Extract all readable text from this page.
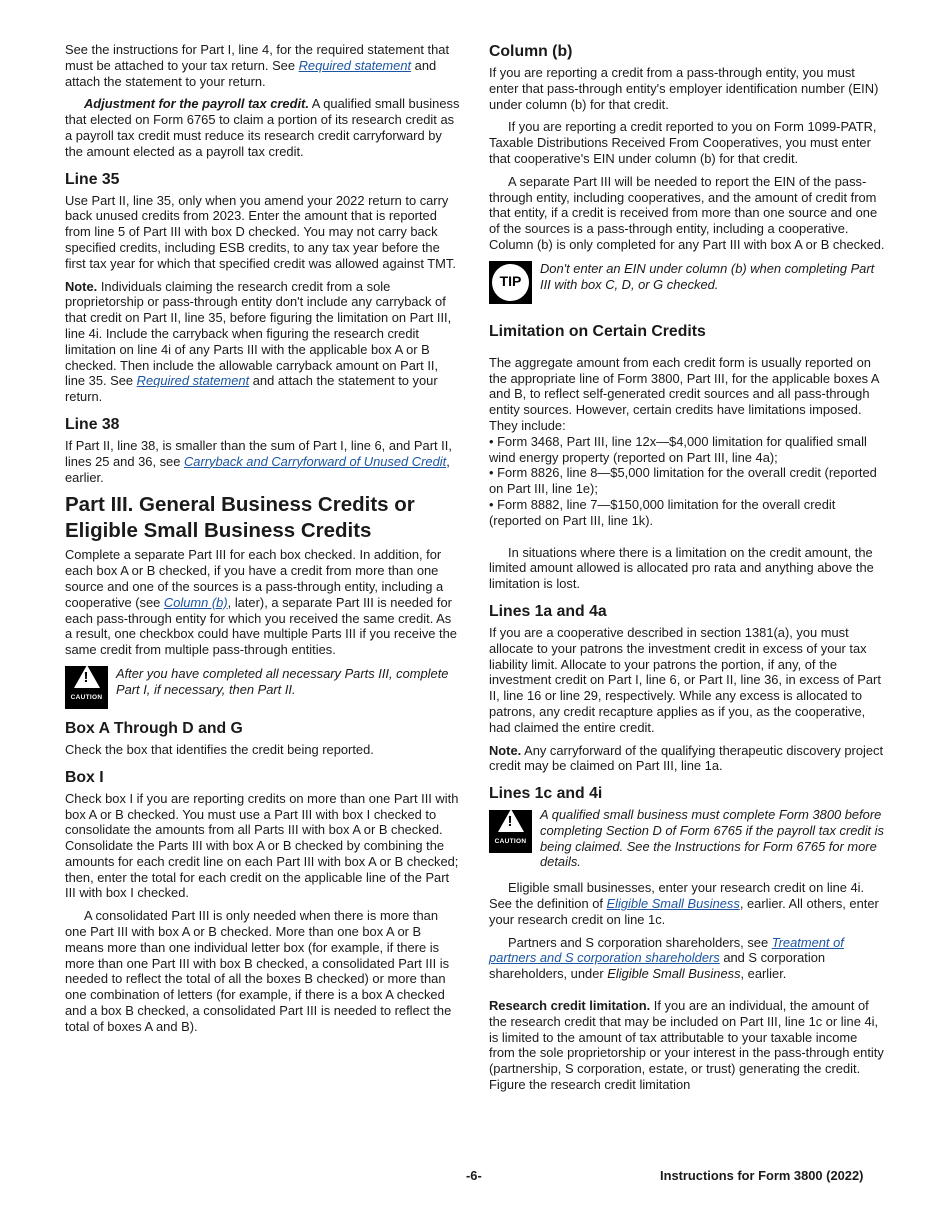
See the instructions for Part I, line 4, for the required statement that must be attached to your tax return. See Required statement and attach the statement to your return.

Adjustment for the payroll tax credit. A qualified small business that elected on Form 6765 to claim a portion of its research credit as a payroll tax credit must reduce its research credit carryforward by the amount elected as a payroll tax credit.

Line 35

Use Part II, line 35, only when you amend your 2022 return to carry back unused credits from 2023. Enter the amount that is reported from line 5 of Part III with box D checked. You may not carry back specified credits, including ESB credits, to any tax year before the first tax year for which that specified credit was allowed against TMT.

Note. Individuals claiming the research credit from a sole proprietorship or pass-through entity don't include any carryback of that credit on Part II, line 35, before figuring the limitation on Part III, line 4i. Include the carryback when figuring the research credit limitation on line 4i of any Parts III with the applicable box A or B checked. Then include the allowable carryback amount on Part II, line 35. See Required statement and attach the statement to your return.

Line 38

If Part II, line 38, is smaller than the sum of Part I, line 6, and Part II, lines 25 and 36, see Carryback and Carryforward of Unused Credit, earlier.

Part III. General Business Credits or Eligible Small Business Credits

Complete a separate Part III for each box checked. In addition, for each box A or B checked, if you have a credit from more than one source and one of the sources is a pass-through entity, including a cooperative (see Column (b), later), a separate Part III is needed for each pass-through entity for which you received the same credit. As a result, one checkbox could have multiple Parts III if you receive the same credit from multiple pass-through entities.

!
CAUTION
After you have completed all necessary Parts III, complete Part I, if necessary, then Part II.
Box A Through D and G

Check the box that identifies the credit being reported.

Box I

Check box I if you are reporting credits on more than one Part III with box A or B checked. You must use a Part III with box I checked to consolidate the amounts from all Parts III with box A or B checked. Consolidate the Parts III with box A or B checked by combining the amounts for each credit line on each Part III with box A or B checked; then, enter the total for each credit on the applicable line of the Part III with box I checked.

A consolidated Part III is only needed when there is more than one Part III with box A or B checked. More than one box A or B means more than one individual letter box (for example, if there is more than one Part III with box B checked, a consolidated Part III is needed to reflect the total of all the boxes B checked) or more than one combination of letters (for example, if there is a box A checked and a box B checked, a consolidated Part III is needed to reflect the total of boxes A and B).

Column (b)

If you are reporting a credit from a pass-through entity, you must enter that pass-through entity's employer identification number (EIN) under column (b) for that credit.

If you are reporting a credit reported to you on Form 1099-PATR, Taxable Distributions Received From Cooperatives, you must enter that cooperative's EIN under column (b) for that credit.

A separate Part III will be needed to report the EIN of the pass-through entity, including cooperatives, and the amount of credit from that entity, if a credit is received from more than one source and one of the sources is a pass-through entity, including a cooperative. Column (b) is only completed for any Part III with box A or B checked.

TIP
Don't enter an EIN under column (b) when completing Part III with box C, D, or G checked.
Limitation on Certain Credits

The aggregate amount from each credit form is usually reported on the appropriate line of Form 3800, Part III, for the applicable boxes A and B, to reflect self-generated credit sources and all pass-through entity sources. However, certain credits have limitations imposed. They include:

• Form 3468, Part III, line 12x—$4,000 limitation for qualified small wind energy property (reported on Part III, line 4a);
• Form 8826, line 8—$5,000 limitation for the overall credit (reported on Part III, line 1e);
• Form 8882, line 7—$150,000 limitation for the overall credit (reported on Part III, line 1k).

In situations where there is a limitation on the credit amount, the limited amount allowed is allocated pro rata and anything above the limitation is lost.

Lines 1a and 4a

If you are a cooperative described in section 1381(a), you must allocate to your patrons the investment credit in excess of your tax liability limit. Allocate to your patrons the portion, if any, of the investment credit on Part I, line 6, or Part II, line 36, in excess of Part II, line 16 or line 29, respectively. While any excess is allocated to patrons, any credit recapture applies as if you, as the cooperative, had claimed the entire credit.

Note. Any carryforward of the qualifying therapeutic discovery project credit may be claimed on Part III, line 1a.

Lines 1c and 4i
!
CAUTION
A qualified small business must complete Form 3800 before completing Section D of Form 6765 if the payroll tax credit is being claimed. See the Instructions for Form 6765 for more details.

Eligible small businesses, enter your research credit on line 4i. See the definition of Eligible Small Business, earlier. All others, enter your research credit on line 1c.

Partners and S corporation shareholders, see Treatment of partners and S corporation shareholders and S corporation shareholders, under Eligible Small Business, earlier.

Research credit limitation. If you are an individual, the amount of the research credit that may be included on Part III, line 1c or line 4i, is limited to the amount of tax attributable to your taxable income from the sole proprietorship or your interest in the pass-through entity (partnership, S corporation, estate, or trust) generating the credit. Figure the research credit limitation

-6-	Instructions for Form 3800 (2022)
